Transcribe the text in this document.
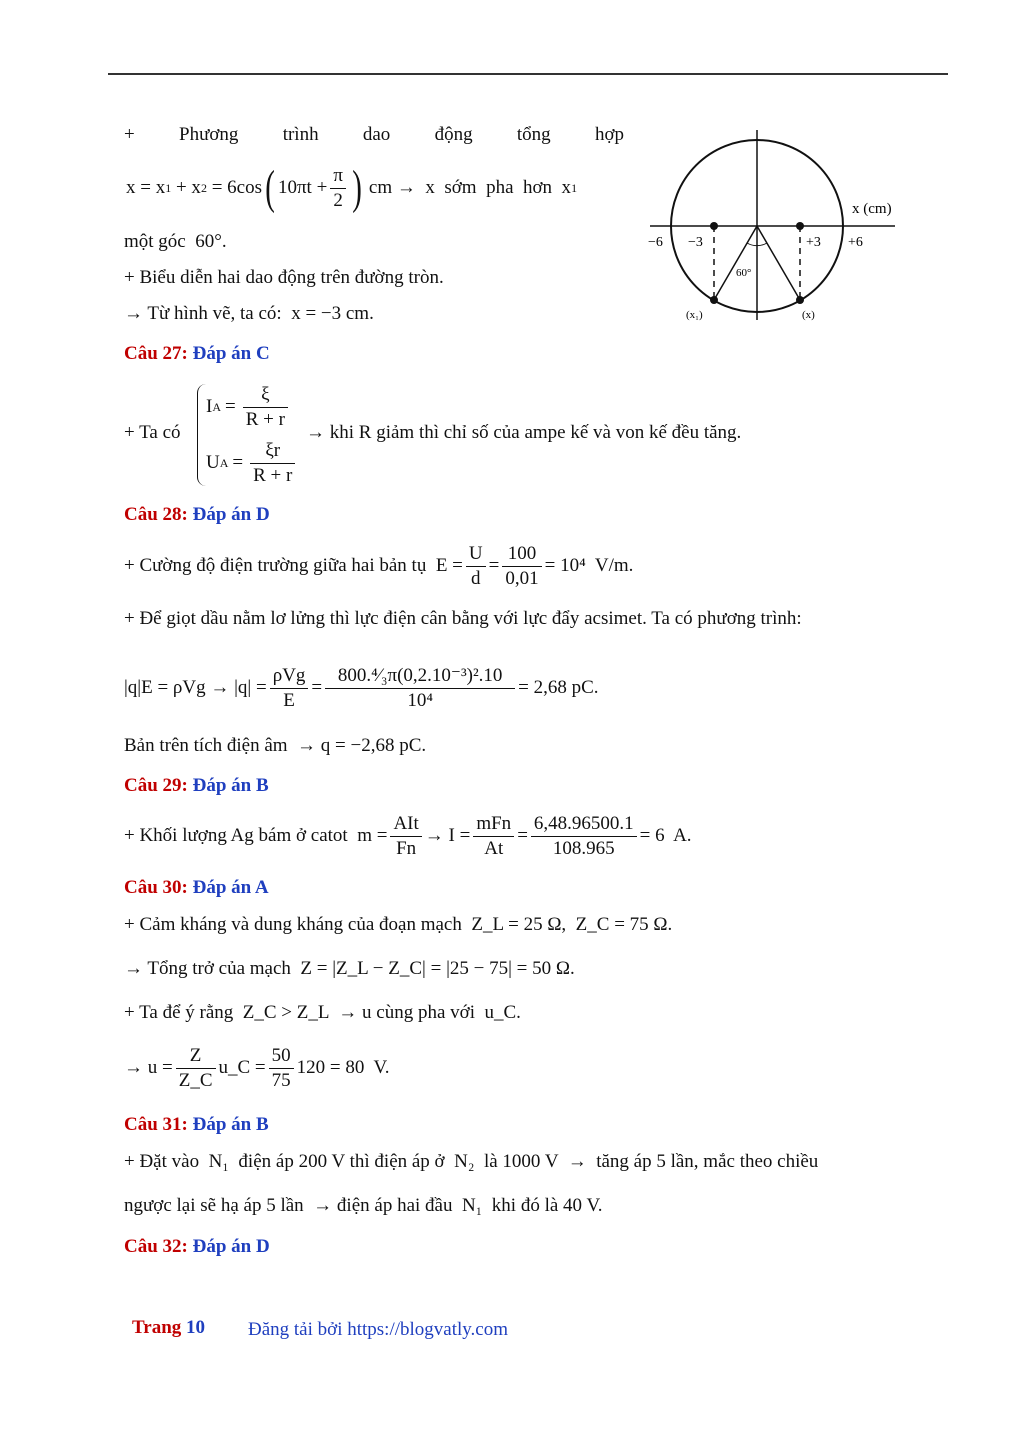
+ Phương trình dao động tổng hợp
x = x 1 + x 2 = 6cos ( $10\pi t + \frac{\pi}{2}$ ) cm →  x  sớm  pha  hơn  x 1
một góc  60°.
+ Biểu diễn hai dao động trên đường tròn.
→ Từ hình vẽ, ta có:  x = −3 cm.
x (cm)
−6 −3	+3 +6
60°
(x₁)	(x)
Câu 27: Đáp án C
+ Ta có
I $A = \frac{\xi}{R + r}$
U $A = \frac{\xi r}{R + r}$
→ khi R giảm thì chỉ số của ampe kế và von kế đều tăng.
Câu 28: Đáp án D
+ Cường độ điện trường giữa hai bản tụ  $E = \frac{U}{d} = \frac{100}{0,01} = 10^4$  V/m.
+ Để giọt dầu nằm lơ lửng thì lực điện cân bằng với lực đẩy acsimet. Ta có phương trình:
$|q|E = \rho Vg \to |q| = \frac{\text{ρVg}}{E} = \frac{\text{800.⁴⁄₃π(0,2.10⁻³)².10}}{\text{10⁴}} = 2,68$ pC.
Bản trên tích điện âm  → q = −2,68 pC.
Câu 29: Đáp án B
+ Khối lượng Ag bám ở catot  $m = \frac{\text{AIt}}{Fn} \to I = \frac{\text{mFn}}{At} = \frac{6,48.96500.1}{108.965} = 6$  A.
Câu 30: Đáp án A
+ Cảm kháng và dung kháng của đoạn mạch  Z_L = 25 Ω,  Z_C = 75 Ω.
→ Tổng trở của mạch  Z = |Z_L − Z_C| = |25 − 75| = 50 Ω.
+ Ta để ý rằng  Z_C > Z_L  → u cùng pha với  u_C.
→ $u = \frac{Z}{Z\_C}$ u_C = $\frac{50}{75} 120 = 80$  V.
Câu 31: Đáp án B
+ Đặt vào  N₁  điện áp 200 V thì điện áp ở  N₂  là 1000 V  →  tăng áp 5 lần, mắc theo chiều
ngược lại sẽ hạ áp 5 lần  → điện áp hai đầu  N₁  khi đó là 40 V.
Câu 32: Đáp án D
Trang 10 Đăng tải bởi https://blogvatly.com
